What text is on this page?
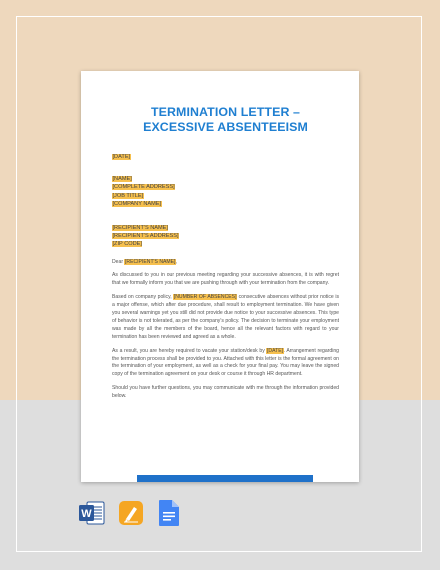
TERMINATION LETTER –
EXCESSIVE ABSENTEEISM
[DATE]
[NAME]
[COMPLETE ADDRESS]
[JOB TITLE]
[COMPANY NAME]
[RECIPIENT'S NAME]
[RECIPIENT'S ADDRESS]
[ZIP CODE]

Dear [RECIPIENT'S NAME],

As discussed to you in our previous meeting regarding your successive absences, it is with regret that we formally inform you that we are pushing through with your termination from the company.

Based on company policy, [NUMBER OF ABSENCES] consecutive absences without prior notice is a major offense, which after due procedure, shall result to employment termination. We have given you several warnings yet you still did not provide due notice to your successive absences. This type of behavior is not tolerated, as per the company's policy. The decision to terminate your employment was made by all the members of the board, hence all the relevant factors with regard to your termination has been reviewed and agreed as a whole.

As a result, you are hereby required to vacate your station/desk by [DATE]. Arrangement regarding the termination process shall be provided to you. Attached with this letter is the formal agreement on the termination of your employment, as well as a check for your final pay. You may leave the signed copy of the termination agreement on your desk or course it through HR department.

Should you have further questions, you may communicate with me through the information provided below.

W
